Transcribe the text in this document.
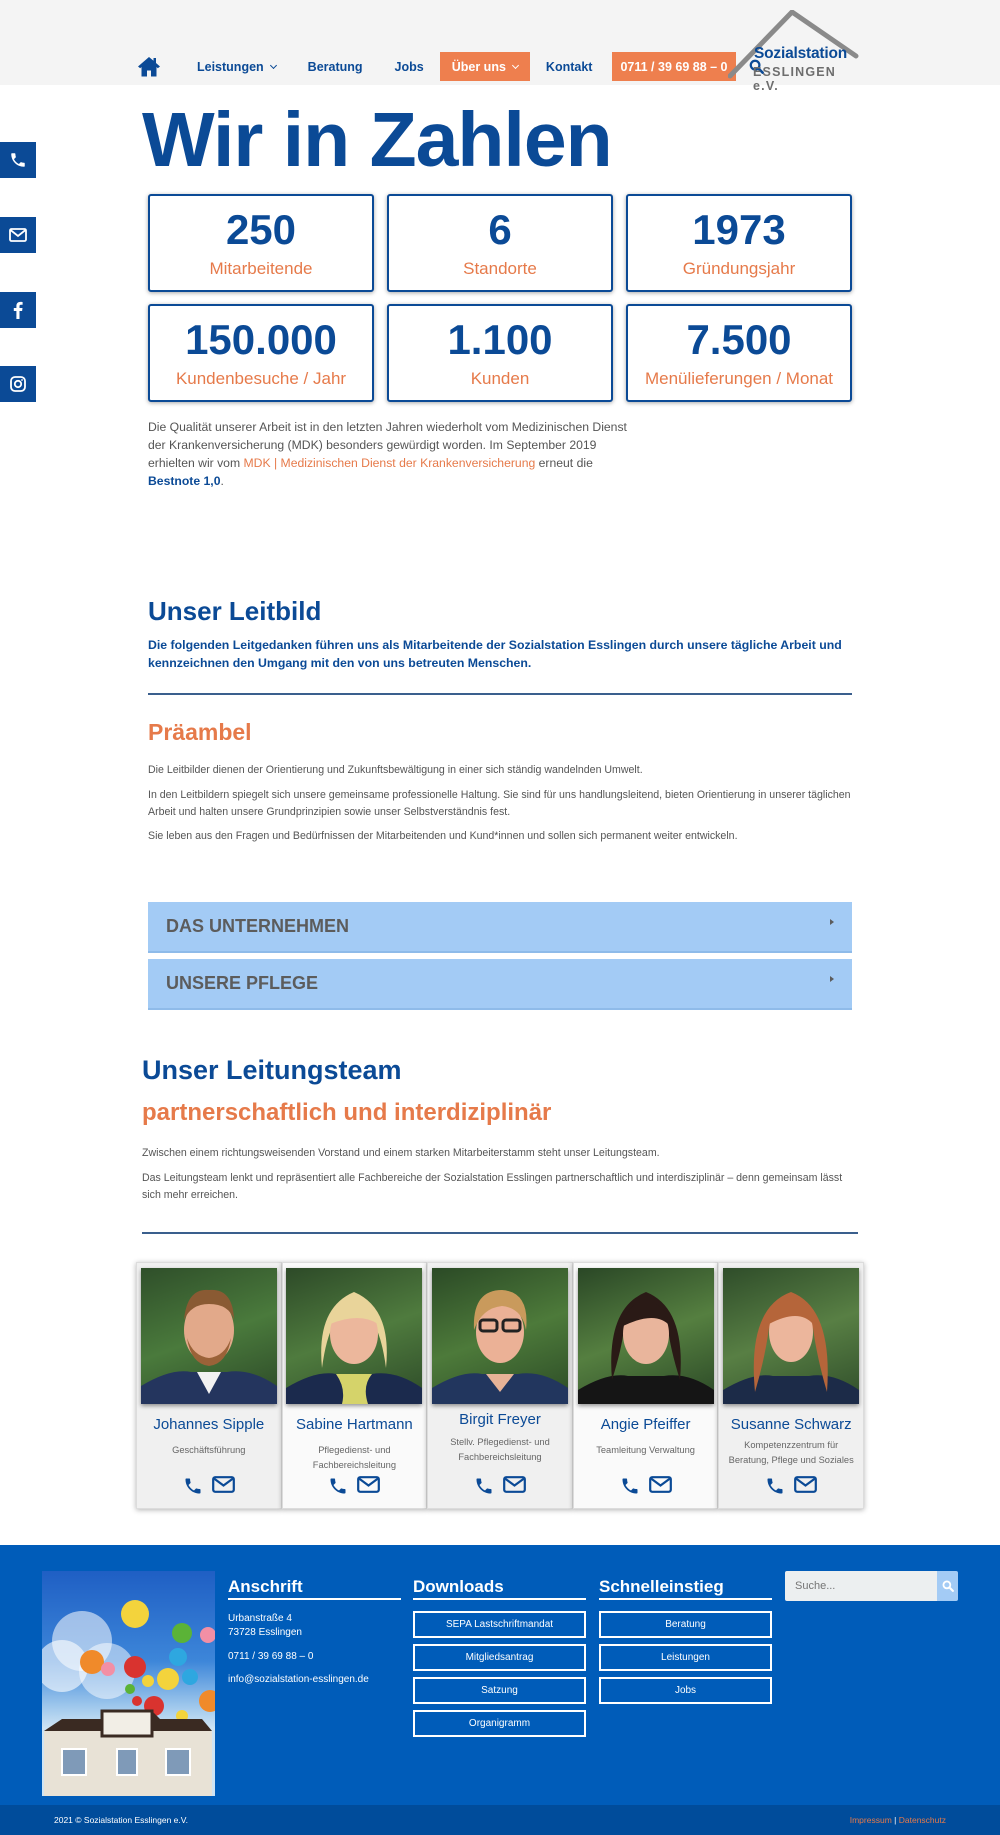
Leistungen	Beratung	Jobs Über uns	Kontakt	0711 / 39 69 88 – 0
Sozialstation
ESSLINGEN e.V.
Wir in Zahlen
250
Mitarbeitende
6
Standorte
1973
Gründungsjahr
150.000
Kundenbesuche / Jahr
1.100
Kunden
7.500
Menülieferungen / Monat

Die Qualität unserer Arbeit ist in den letzten Jahren wiederholt vom Medizinischen Dienst der Krankenversicherung (MDK) besonders gewürdigt worden. Im September 2019 erhielten wir vom MDK | Medizinischen Dienst der Krankenversicherung erneut die Bestnote 1,0.

Unser Leitbild

Die folgenden Leitgedanken führen uns als Mitarbeitende der Sozialstation Esslingen durch unsere tägliche Arbeit und kennzeichnen den Umgang mit den von uns betreuten Menschen.

Präambel

Die Leitbilder dienen der Orientierung und Zukunftsbewältigung in einer sich ständig wandelnden Umwelt.

In den Leitbildern spiegelt sich unsere gemeinsame professionelle Haltung. Sie sind für uns handlungsleitend, bieten Orientierung in unserer täglichen Arbeit und halten unsere Grundprinzipien sowie unser Selbstverständnis fest.

Sie leben aus den Fragen und Bedürfnissen der Mitarbeitenden und Kund*innen und sollen sich permanent weiter entwickeln.

DAS UNTERNEHMEN
UNSERE PFLEGE
Unser Leitungsteam
partnerschaftlich und interdiziplinär

Zwischen einem richtungsweisenden Vorstand und einem starken Mitarbeiterstamm steht unser Leitungsteam.

Das Leitungsteam lenkt und repräsentiert alle Fachbereiche der Sozialstation Esslingen partnerschaftlich und interdisziplinär – denn gemeinsam lässt sich mehr erreichen.

Johannes Sipple
Geschäftsführung
Sabine Hartmann
Pflegedienst- und Fachbereichsleitung
Birgit Freyer
Stellv. Pflegedienst- und Fachbereichsleitung
Angie Pfeiffer
Teamleitung Verwaltung
Susanne Schwarz
Kompetenzzentrum für Beratung, Pflege und Soziales
Anschrift
Urbanstraße 4
73728 Esslingen
0711 / 39 69 88 – 0
info@sozialstation-esslingen.de
Downloads
SEPA Lastschriftmandat
Mitgliedsantrag
Satzung
Organigramm
Schnelleinstieg
Beratung
Leistungen
Jobs
Suche...
2021 © Sozialstation Esslingen e.V.	Impressum | Datenschutz
